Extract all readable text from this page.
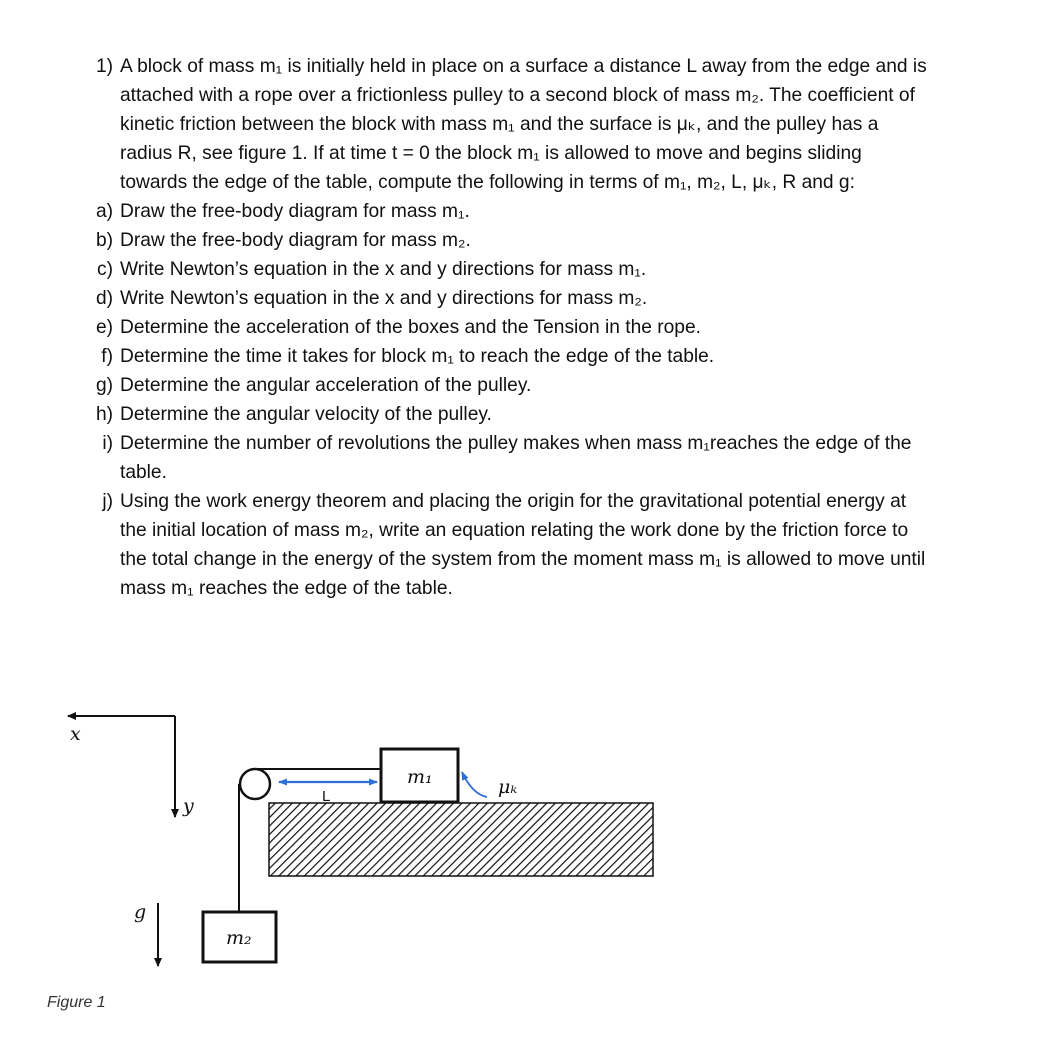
1) A block of mass m₁ is initially held in place on a surface a distance L away from the edge and is
attached with a rope over a frictionless pulley to a second block of mass m₂. The coefficient of
kinetic friction between the block with mass m₁ and the surface is μₖ, and the pulley has a
radius R, see figure 1. If at time t = 0 the block m₁ is allowed to move and begins sliding
towards the edge of the table, compute the following in terms of m₁, m₂, L, μₖ, R and g:
a) Draw the free-body diagram for mass m₁.
b) Draw the free-body diagram for mass m₂.
c) Write Newton’s equation in the x and y directions for mass m₁.
d) Write Newton’s equation in the x and y directions for mass m₂.
e) Determine the acceleration of the boxes and the Tension in the rope.
f) Determine the time it takes for block m₁ to reach the edge of the table.
g) Determine the angular acceleration of the pulley.
h) Determine the angular velocity of the pulley.
i) Determine the number of revolutions the pulley makes when mass m₁reaches the edge of the
table.
j) Using the work energy theorem and placing the origin for the gravitational potential energy at
the initial location of mass m₂, write an equation relating the work done by the friction force to
the total change in the energy of the system from the moment mass m₁ is allowed to move until
mass m₁ reaches the edge of the table.
x
y
g
L
m₁	μₖ
m₂
Figure 1
